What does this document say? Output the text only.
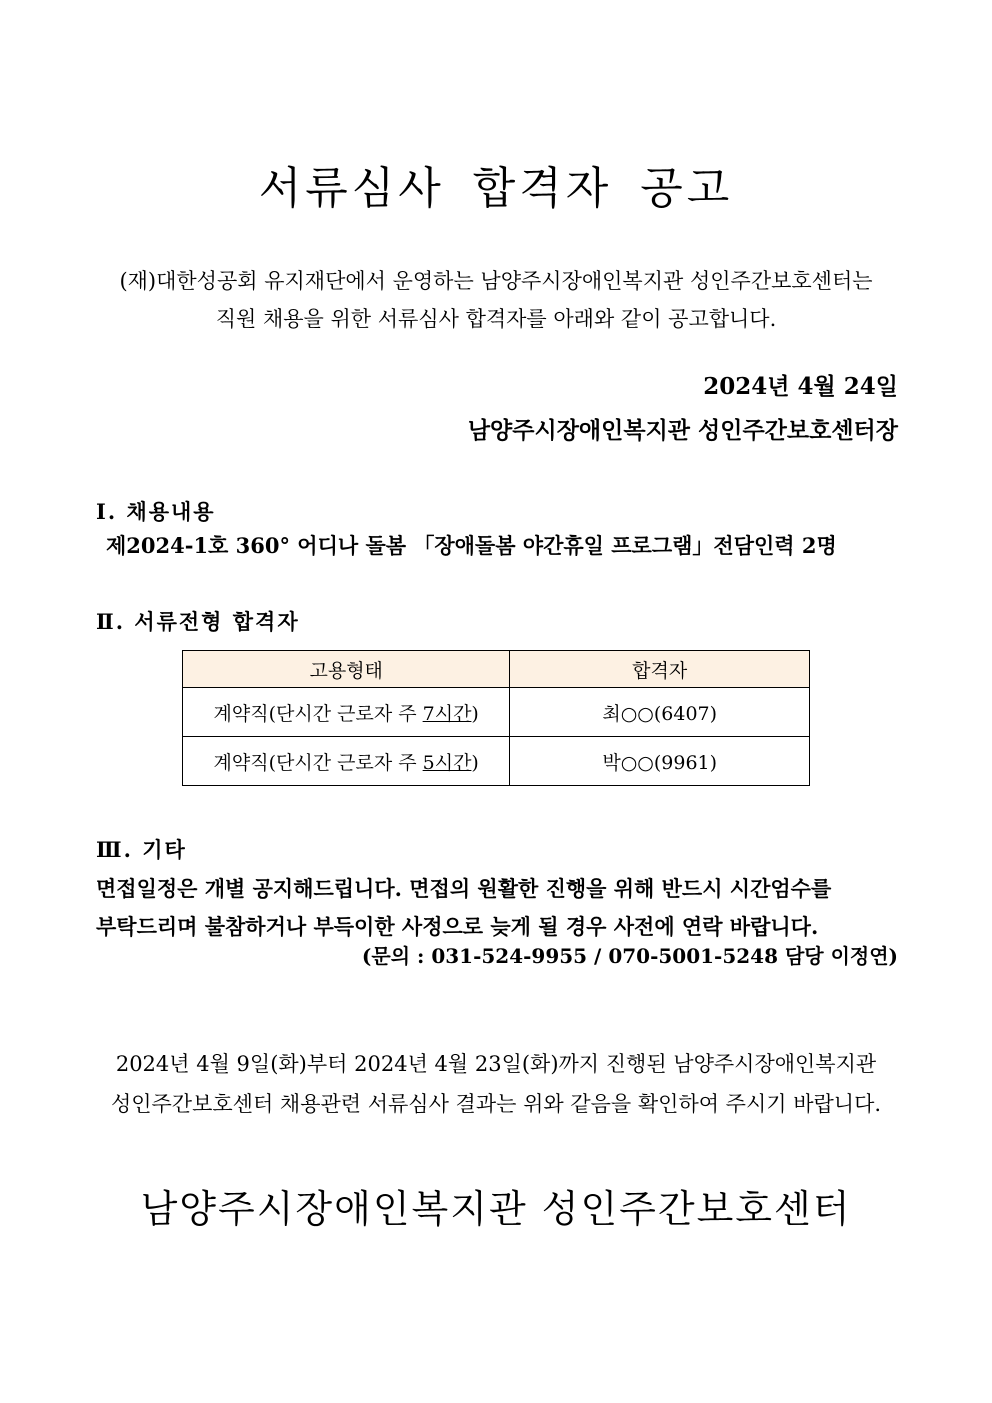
서류심사 합격자 공고

(재)대한성공회 유지재단에서 운영하는 남양주시장애인복지관 성인주간보호센터는
직원 채용을 위한 서류심사 합격자를 아래와 같이 공고합니다.

2024년 4월 24일
남양주시장애인복지관 성인주간보호센터장
Ⅰ. 채용내용
제2024-1호 360° 어디나 돌봄 「장애돌봄 야간휴일 프로그램」전담인력 2명
Ⅱ. 서류전형 합격자
고용형태	합격자
계약직(단시간 근로자 주 7시간)	최○○(6407)
계약직(단시간 근로자 주 5시간)	박○○(9961)
Ⅲ. 기타

면접일정은 개별 공지해드립니다. 면접의 원활한 진행을 위해 반드시 시간엄수를
부탁드리며 불참하거나 부득이한 사정으로 늦게 될 경우 사전에 연락 바랍니다.

(문의 : 031-524-9955 / 070-5001-5248 담당 이정연)

2024년 4월 9일(화)부터 2024년 4월 23일(화)까지 진행된 남양주시장애인복지관
성인주간보호센터 채용관련 서류심사 결과는 위와 같음을 확인하여 주시기 바랍니다.

남양주시장애인복지관 성인주간보호센터
